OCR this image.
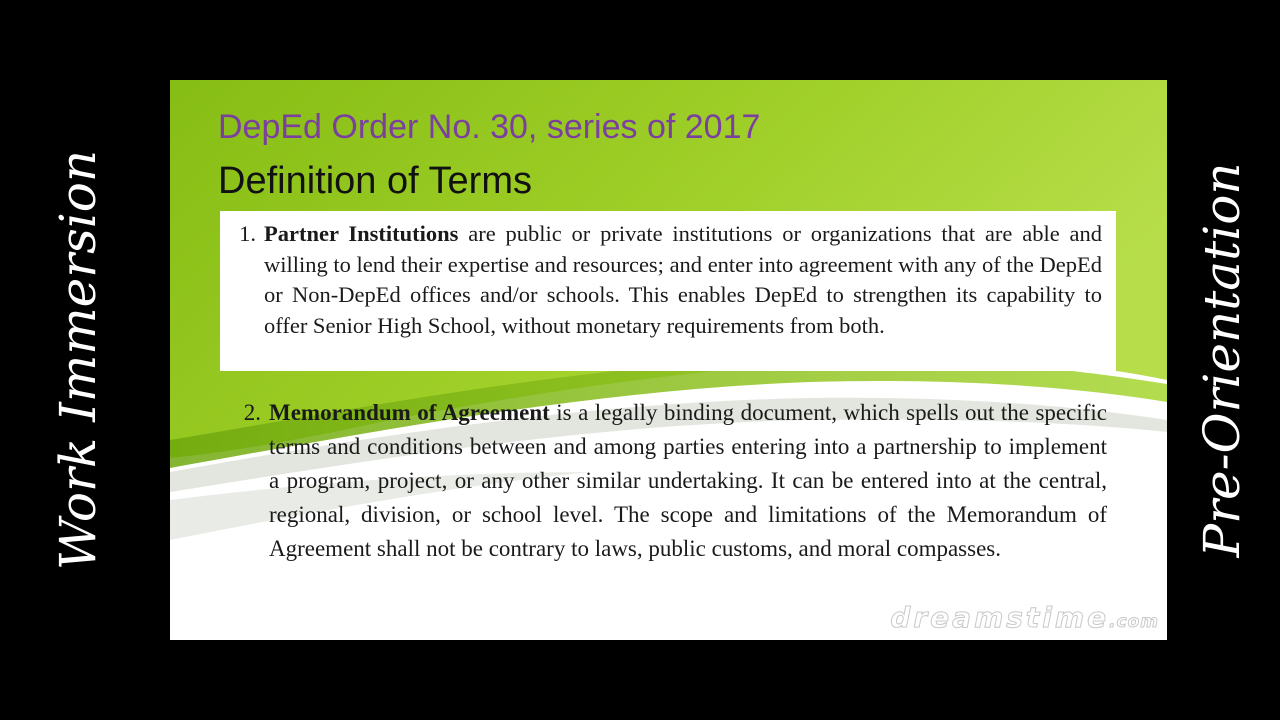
Work Immersion	Pre-Orientation
DepEd Order No. 30, series of 2017
Definition of Terms
1. Partner Institutions are public or private institutions or organizations that are able and willing to lend their expertise and resources; and enter into agreement with any of the DepEd or Non-DepEd offices and/or schools. This enables DepEd to strengthen its capability to offer Senior High School, without monetary requirements from both.
2. Memorandum of Agreement is a legally binding document, which spells out the specific terms and conditions between and among parties entering into a partnership to implement a program, project, or any other similar undertaking. It can be entered into at the central, regional, division, or school level. The scope and limitations of the Memorandum of Agreement shall not be contrary to laws, public customs, and moral compasses.
dreamstime.com
